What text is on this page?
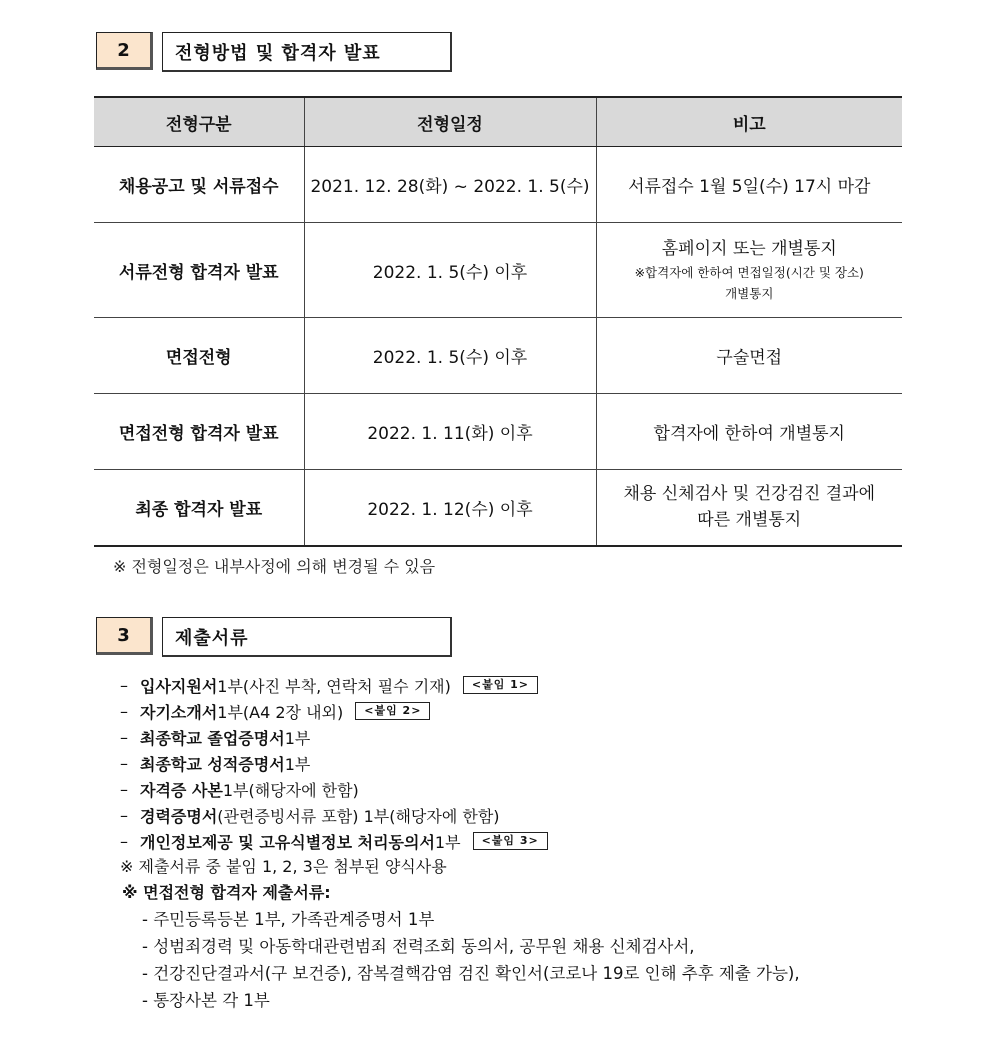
2	전형방법 및 합격자 발표
전형구분	전형일정	비고
채용공고 및 서류접수	2021. 12. 28(화) ~ 2022. 1. 5(수)	서류접수 1월 5일(수) 17시 마감
서류전형 합격자 발표	2022. 1. 5(수) 이후	홈페이지 또는 개별통지
※합격자에 한하여 면접일정(시간 및 장소)
개별통지

면접전형	2022. 1. 5(수) 이후	구술면접
면접전형 합격자 발표	2022. 1. 11(화) 이후	합격자에 한하여 개별통지
최종 합격자 발표	2022. 1. 12(수) 이후	채용 신체검사 및 건강검진 결과에
따른 개별통지
※ 전형일정은 내부사정에 의해 변경될 수 있음
3	제출서류
– 입사지원서 1부(사진 부착, 연락처 필수 기재)	<붙임 1>
– 자기소개서 1부(A4 2장 내외)	<붙임 2>
– 최종학교 졸업증명서 1부
– 최종학교 성적증명서 1부
– 자격증 사본 1부(해당자에 한함)
– 경력증명서 (관련증빙서류 포함) 1부(해당자에 한함)
– 개인정보제공 및 고유식별정보 처리동의서 1부	<붙임 3>
※ 제출서류 중 붙임 1, 2, 3은 첨부된 양식사용
※ 면접전형 합격자 제출서류:
- 주민등록등본 1부, 가족관계증명서 1부
- 성범죄경력 및 아동학대관련범죄 전력조회 동의서, 공무원 채용 신체검사서,
- 건강진단결과서(구 보건증), 잠복결핵감염 검진 확인서(코로나 19로 인해 추후 제출 가능),
- 통장사본 각 1부
